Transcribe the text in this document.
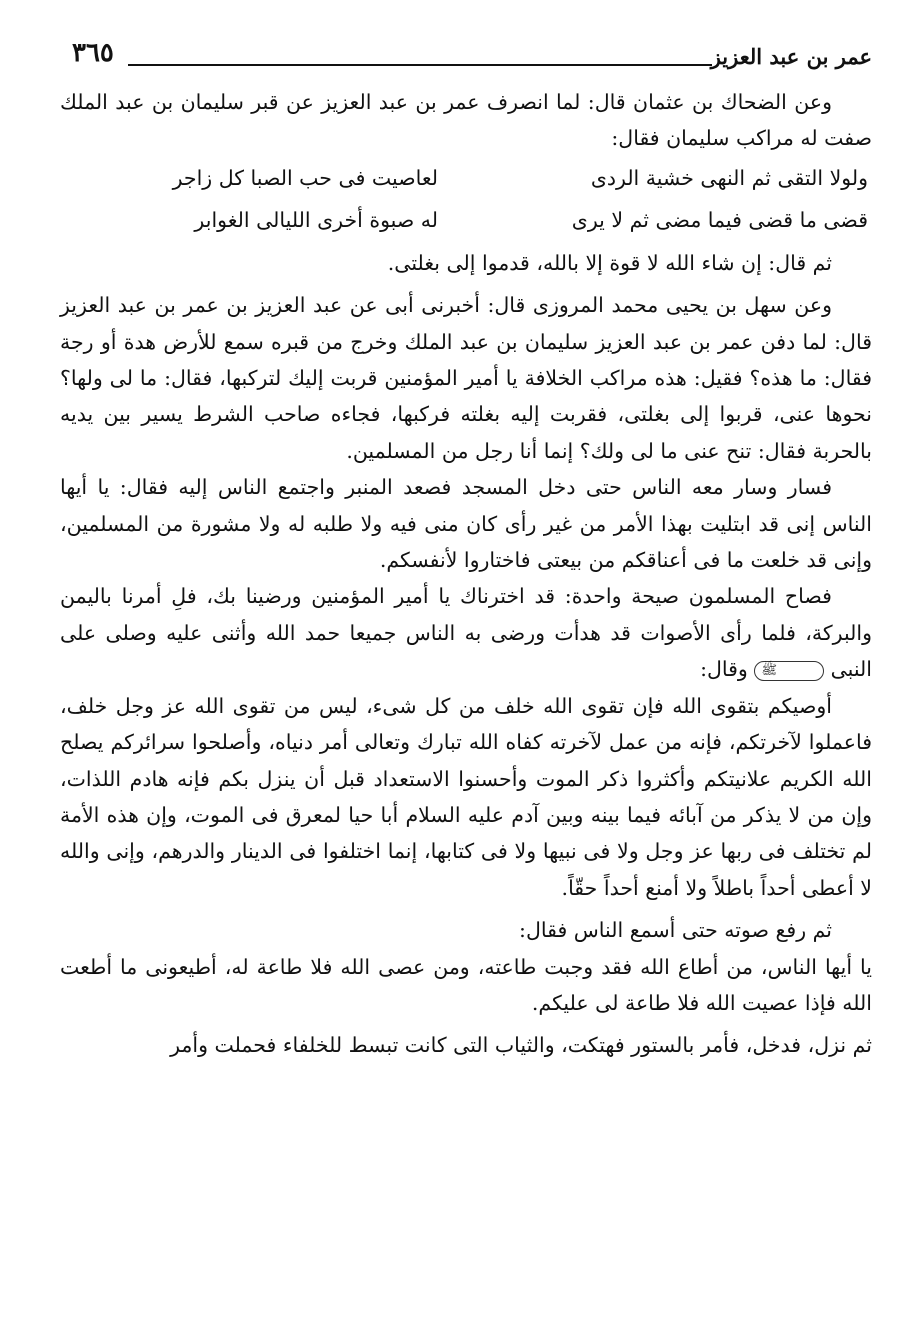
عمر بن عبد العزيز
٣٦٥

وعن الضحاك بن عثمان قال: لما انصرف عمر بن عبد العزيز عن قبر سليمان بن عبد الملك صفت له مراكب سليمان فقال:

ولولا التقى ثم النهى خشية الردى
لعاصيت فى حب الصبا كل زاجر
قضى ما قضى فيما مضى ثم لا يرى
له صبوة أخرى الليالى الغوابر

ثم قال: إن شاء الله لا قوة إلا بالله، قدموا إلى بغلتى.

وعن سهل بن يحيى محمد المروزى قال: أخبرنى أبى عن عبد العزيز بن عمر بن عبد العزيز قال: لما دفن عمر بن عبد العزيز سليمان بن عبد الملك وخرج من قبره سمع للأرض هدة أو رجة فقال: ما هذه؟ فقيل: هذه مراكب الخلافة يا أمير المؤمنين قربت إليك لتركبها، فقال: ما لى ولها؟ نحوها عنى، قربوا إلى بغلتى، فقربت إليه بغلته فركبها، فجاءه صاحب الشرط يسير بين يديه بالحربة فقال: تنح عنى ما لى ولك؟ إنما أنا رجل من المسلمين.

فسار وسار معه الناس حتى دخل المسجد فصعد المنبر واجتمع الناس إليه فقال: يا أيها الناس إنى قد ابتليت بهذا الأمر من غير رأى كان منى فيه ولا طلبه له ولا مشورة من المسلمين، وإنى قد خلعت ما فى أعناقكم من بيعتى فاختاروا لأنفسكم.

فصاح المسلمون صيحة واحدة: قد اخترناك يا أمير المؤمنين ورضينا بك، فلِ أمرنا باليمن والبركة، فلما رأى الأصوات قد هدأت ورضى به الناس جميعا حمد الله وأثنى عليه وصلى على النبى ﷺ وقال:

أوصيكم بتقوى الله فإن تقوى الله خلف من كل شىء، ليس من تقوى الله عز وجل خلف، فاعملوا لآخرتكم، فإنه من عمل لآخرته كفاه الله تبارك وتعالى أمر دنياه، وأصلحوا سرائركم يصلح الله الكريم علانيتكم وأكثروا ذكر الموت وأحسنوا الاستعداد قبل أن ينزل بكم فإنه هادم اللذات، وإن من لا يذكر من آبائه فيما بينه وبين آدم عليه السلام أبا حيا لمعرق فى الموت، وإن هذه الأمة لم تختلف فى ربها عز وجل ولا فى نبيها ولا فى كتابها، إنما اختلفوا فى الدينار والدرهم، وإنى والله لا أعطى أحداً باطلاً ولا أمنع أحداً حقّاً.

ثم رفع صوته حتى أسمع الناس فقال:

يا أيها الناس، من أطاع الله فقد وجبت طاعته، ومن عصى الله فلا طاعة له، أطيعونى ما أطعت الله فإذا عصيت الله فلا طاعة لى عليكم.

ثم نزل، فدخل، فأمر بالستور فهتكت، والثياب التى كانت تبسط للخلفاء فحملت وأمر
